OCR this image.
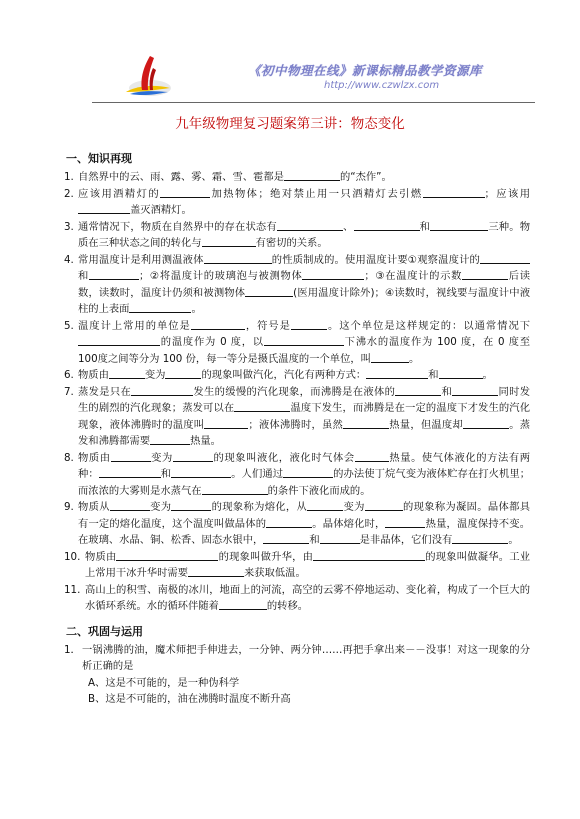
《初中物理在线》新课标精品教学资源库
http://www.czwlzx.com
九年级物理复习题案第三讲：物态变化
一、知识再现
1. 自然界中的云、雨、露、雾、霜、雪、雹都是	的“杰作”。
2. 应该用酒精灯的	加热物体；绝对禁止用一只酒精灯去引燃	；应该用盖灭酒精灯。
3. 通常情况下，物质在自然界中的存在状态有	、	和	三种。物质在三种状态之间的转化与	有密切的关系。
4. 常用温度计是利用测温液体	的性质制成的。使用温度计要①观察温度计的和	；②将温度计的玻璃泡与被测物体	；③在温度计的示数	后读数，读数时，温度计仍须和被测物体	(医用温度计除外)；④读数时，视线要与温度计中液柱的上表面	。
5. 温度计上常用的单位是	，符号是	。这个单位是这样规定的：以通常情况下的温度作为 0 度，以	下沸水的温度作为 100 度，在 0 度至 100度之间等分为 100 份，每一等分是摄氏温度的一个单位，叫	。
6. 物质由	变为	的现象叫做汽化，汽化有两种方式：	和	。
7. 蒸发是只在	发生的缓慢的汽化现象，而沸腾是在液体的	和	同时发生的剧烈的汽化现象；蒸发可以在	温度下发生，而沸腾是在一定的温度下才发生的汽化现象，液体沸腾时的温度叫	；液体沸腾时，虽然	热量，但温度却	。蒸发和沸腾都需要	热量。
8. 物质由	变为	的现象叫液化，液化时气体会	热量。使气体液化的方法有两种：	和	。人们通过	的办法使丁烷气变为液体贮存在打火机里；而浓浓的大雾则是水蒸气在	的条件下液化而成的。
9. 物质从	变为	的现象称为熔化，从	变为	的现象称为凝固。晶体都具有一定的熔化温度，这个温度叫做晶体的	。晶体熔化时，	热量，温度保持不变。在玻璃、水晶、铜、松香、固态水银中，	和	是非晶体，它们没有	。
10. 物质由	的现象叫做升华，由	的现象叫做凝华。工业上常用干冰升华时需要	来获取低温。
11. 高山上的积雪、南极的冰川，地面上的河流，高空的云雾不停地运动、变化着，构成了一个巨大的水循环系统。水的循环伴随着	的转移。
二、巩固与运用
1． 一锅沸腾的油，魔术师把手伸进去，一分钟、两分钟……再把手拿出来－－没事！对这一现象的分析正确的是
A、这是不可能的，是一种伪科学
B、这是不可能的，油在沸腾时温度不断升高
